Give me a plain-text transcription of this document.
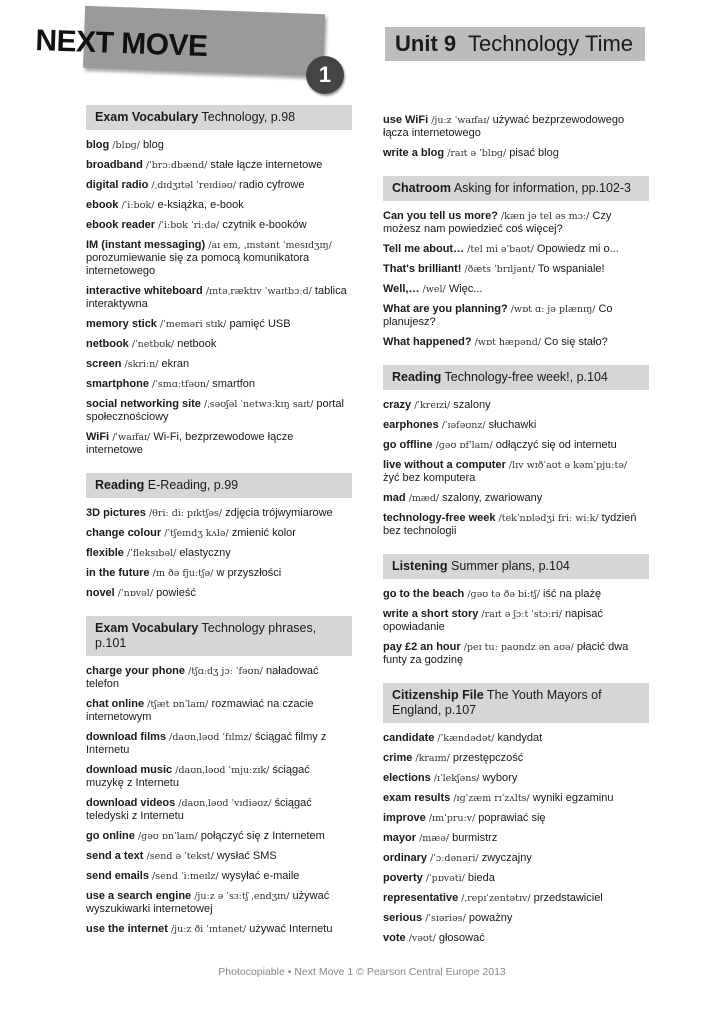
NEXT MOVE
1
Unit 9 Technology Time
Exam Vocabulary Technology, p.98
blog /blɒɡ/ blog
broadband /ˈbrɔːdbænd/ stałe łącze internetowe
digital radio /ˌdɪdʒɪtəl ˈreɪdiəʊ/ radio cyfrowe
ebook /ˈiːbʊk/ e-książka, e-book
ebook reader /ˈiːbʊk ˈriːdə/ czytnik e-booków
IM (instant messaging) /aɪ em, ˌɪnstənt ˈmesɪdʒɪŋ/ porozumiewanie się za pomocą komunikatora internetowego
interactive whiteboard /ɪntəˌræktɪv ˈwaɪtbɔːd/ tablica interaktywna
memory stick /ˈmeməri stɪk/ pamięć USB
netbook /ˈnetbʊk/ netbook
screen /skriːn/ ekran
smartphone /ˈsmɑːtfəʊn/ smartfon
social networking site /ˌsəʊʃəl ˈnetwɜːkɪŋ saɪt/ portal społecznościowy
WiFi /ˈwaɪfaɪ/ Wi-Fi, bezprzewodowe łącze internetowe
Reading E-Reading, p.99
3D pictures /θriː diː pɪktʃəs/ zdjęcia trójwymiarowe
change colour /ˈtʃeɪndʒ kʌlə/ zmienić kolor
flexible /ˈfleksɪbəl/ elastyczny
in the future /ɪn ðə fjuːtʃə/ w przyszłości
novel /ˈnɒvəl/ powieść
Exam Vocabulary Technology phrases, p.101
charge your phone /tʃɑːdʒ jɔː ˈfəʊn/ naładować telefon
chat online /tʃæt ɒnˈlaɪn/ rozmawiać na czacie internetowym
download films /daʊnˌləʊd ˈfɪlmz/ ściągać filmy z Internetu
download music /daʊnˌləʊd ˈmjuːzɪk/ ściągać muzykę z Internetu
download videos /daʊnˌləʊd ˈvɪdiəʊz/ ściągać teledyski z Internetu
go online /ɡəʊ ɒnˈlaɪn/ połączyć się z Internetem
send a text /send ə ˈtekst/ wysłać SMS
send emails /send ˈiːmeɪlz/ wysyłać e-maile
use a search engine /juːz ə ˈsɜːtʃ ˌendʒɪn/ używać wyszukiwarki internetowej
use the internet /juːz ði ˈɪntənet/ używać Internetu
use WiFi /juːz ˈwaɪfaɪ/ używać bezprzewodowego łącza internetowego
write a blog /raɪt ə ˈblɒɡ/ pisać blog
Chatroom Asking for information, pp.102-3
Can you tell us more? /kæn jə tel əs mɔː/ Czy możesz nam powiedzieć coś więcej?
Tell me about… /tel mi əˈbaʊt/ Opowiedz mi o...
That's brilliant! /ðæts ˈbrɪljənt/ To wspaniale!
Well,… /wel/ Więc...
What are you planning? /wɒt ɑː jə plænɪŋ/ Co planujesz?
What happened? /wɒt hæpənd/ Co się stało?
Reading Technology-free week!, p.104
crazy /ˈkreɪzi/ szalony
earphones /ˈɪəfəʊnz/ słuchawki
go offline /ɡəʊ ɒfˈlaɪn/ odłączyć się od internetu
live without a computer /lɪv wɪðˈaʊt ə kəmˈpjuːtə/ żyć bez komputera
mad /mæd/ szalony, zwariowany
technology-free week /tekˈnɒlədʒi friː wiːk/ tydzień bez technologii
Listening Summer plans, p.104
go to the beach /ɡəʊ tə ðə biːtʃ/ iść na plażę
write a short story /raɪt ə ʃɔːt ˈstɔːri/ napisać opowiadanie
pay £2 an hour /peɪ tuː paʊndz ən aʊə/ płacić dwa funty za godzinę
Citizenship File The Youth Mayors of England, p.107
candidate /ˈkændədət/ kandydat
crime /kraɪm/ przestępczość
elections /ɪˈlekʃəns/ wybory
exam results /ɪɡˈzæm rɪˈzʌlts/ wyniki egzaminu
improve /ɪmˈpruːv/ poprawiać się
mayor /mæə/ burmistrz
ordinary /ˈɔːdənəri/ zwyczajny
poverty /ˈpɒvəti/ bieda
representative /ˌrepɪˈzentətɪv/ przedstawiciel
serious /ˈsɪəriəs/ poważny
vote /vəʊt/ głosować
Photocopiable • Next Move 1 © Pearson Central Europe 2013
